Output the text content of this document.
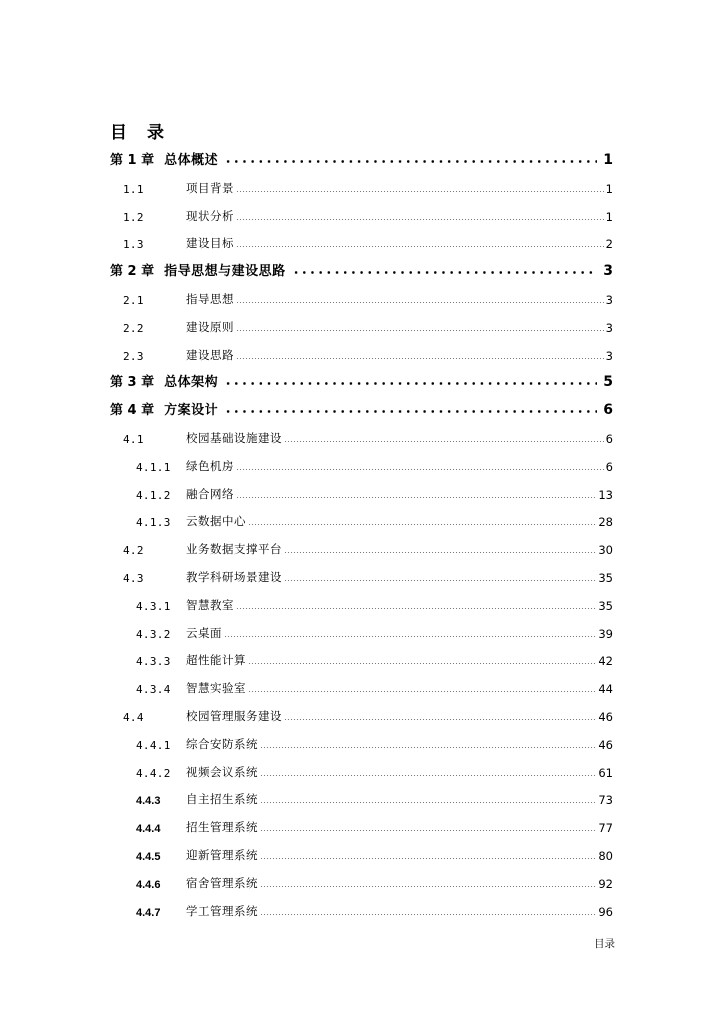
目 录
第 1 章 总体概述	1
1.1	项目背景	1
1.2	现状分析	1
1.3	建设目标	2
第 2 章 指导思想与建设思路	3
2.1	指导思想	3
2.2	建设原则	3
2.3	建设思路	3
第 3 章 总体架构	5
第 4 章 方案设计	6
4.1	校园基础设施建设	6
4.1.1	绿色机房	6
4.1.2	融合网络	13
4.1.3	云数据中心	28
4.2	业务数据支撑平台	30
4.3	教学科研场景建设	35
4.3.1	智慧教室	35
4.3.2	云桌面	39
4.3.3	超性能计算	42
4.3.4	智慧实验室	44
4.4	校园管理服务建设	46
4.4.1	综合安防系统	46
4.4.2	视频会议系统	61
4.4.3	自主招生系统	73
4.4.4	招生管理系统	77
4.4.5	迎新管理系统	80
4.4.6	宿舍管理系统	92
4.4.7	学工管理系统	96
目录
